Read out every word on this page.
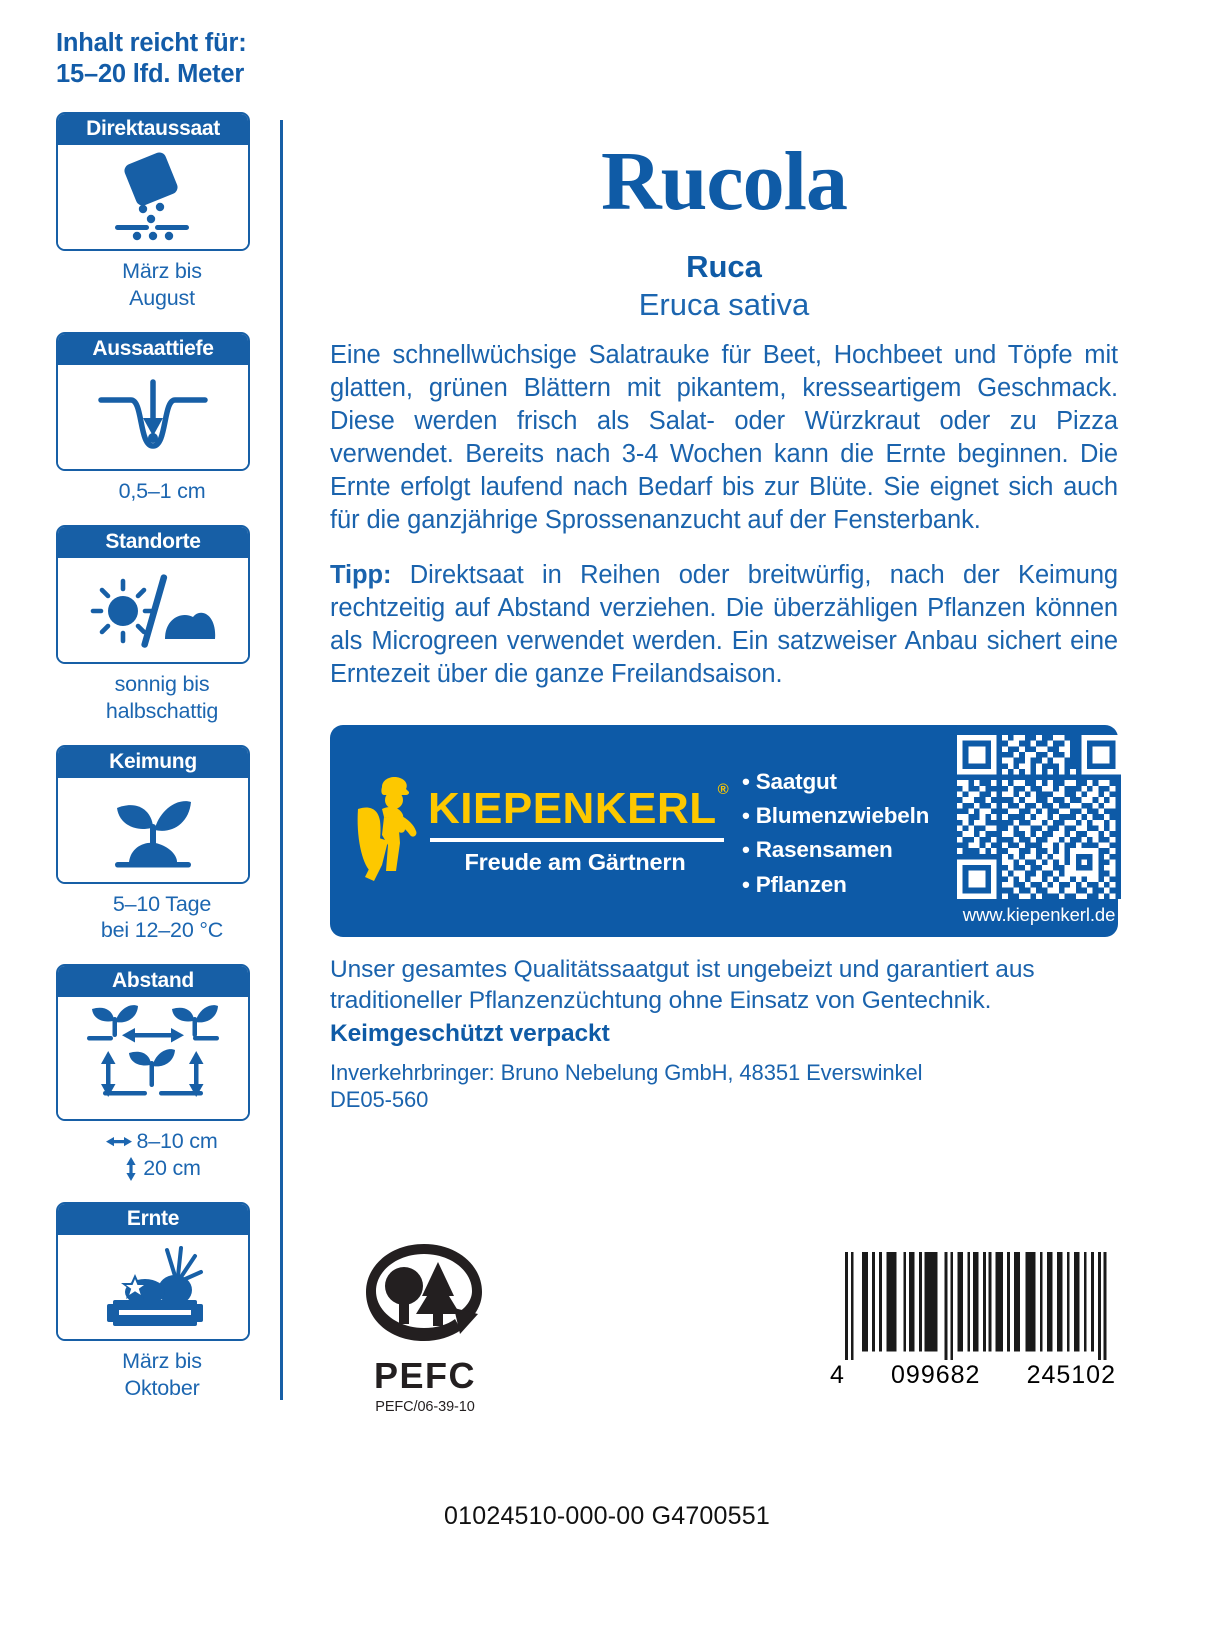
Inhalt reicht für:
15–20 lfd. Meter
Direktaussaat
März bis
August
Aussaattiefe
0,5–1 cm
Standorte
sonnig bis
halbschattig
Keimung
5–10 Tage
bei 12–20 °C
Abstand
8–10 cm
20 cm
Ernte
März bis
Oktober
Rucola
Ruca
Eruca sativa
Eine schnellwüchsige Salatrauke für Beet, Hochbeet und Töpfe mit glatten, grünen Blättern mit pikantem, kresseartigem Geschmack. Diese werden frisch als Salat- oder Würzkraut oder zu Pizza verwendet. Bereits nach 3-4 Wochen kann die Ernte beginnen. Die Ernte erfolgt laufend nach Bedarf bis zur Blüte. Sie eignet sich auch für die ganzjährige Sprossenanzucht auf der Fensterbank.
Tipp: Direktsaat in Reihen oder breitwürfig, nach der Keimung rechtzeitig auf Abstand verziehen. Die überzähligen Pflanzen können als Microgreen verwendet werden. Ein satzweiser Anbau sichert eine Erntezeit über die ganze Freilandsaison.
KIEPENKERL®
Freude am Gärtnern
• Saatgut
• Blumenzwiebeln
• Rasensamen
• Pflanzen
www.kiepenkerl.de
Unser gesamtes Qualitätssaatgut ist ungebeizt und garantiert aus traditioneller Pflanzenzüchtung ohne Einsatz von Gentechnik.
Keimgeschützt verpackt
Inverkehrbringer: Bruno Nebelung GmbH, 48351 Everswinkel
DE05-560
PEFC
PEFC/06-39-10
4 099682 245102
01024510-000-00 G4700551
